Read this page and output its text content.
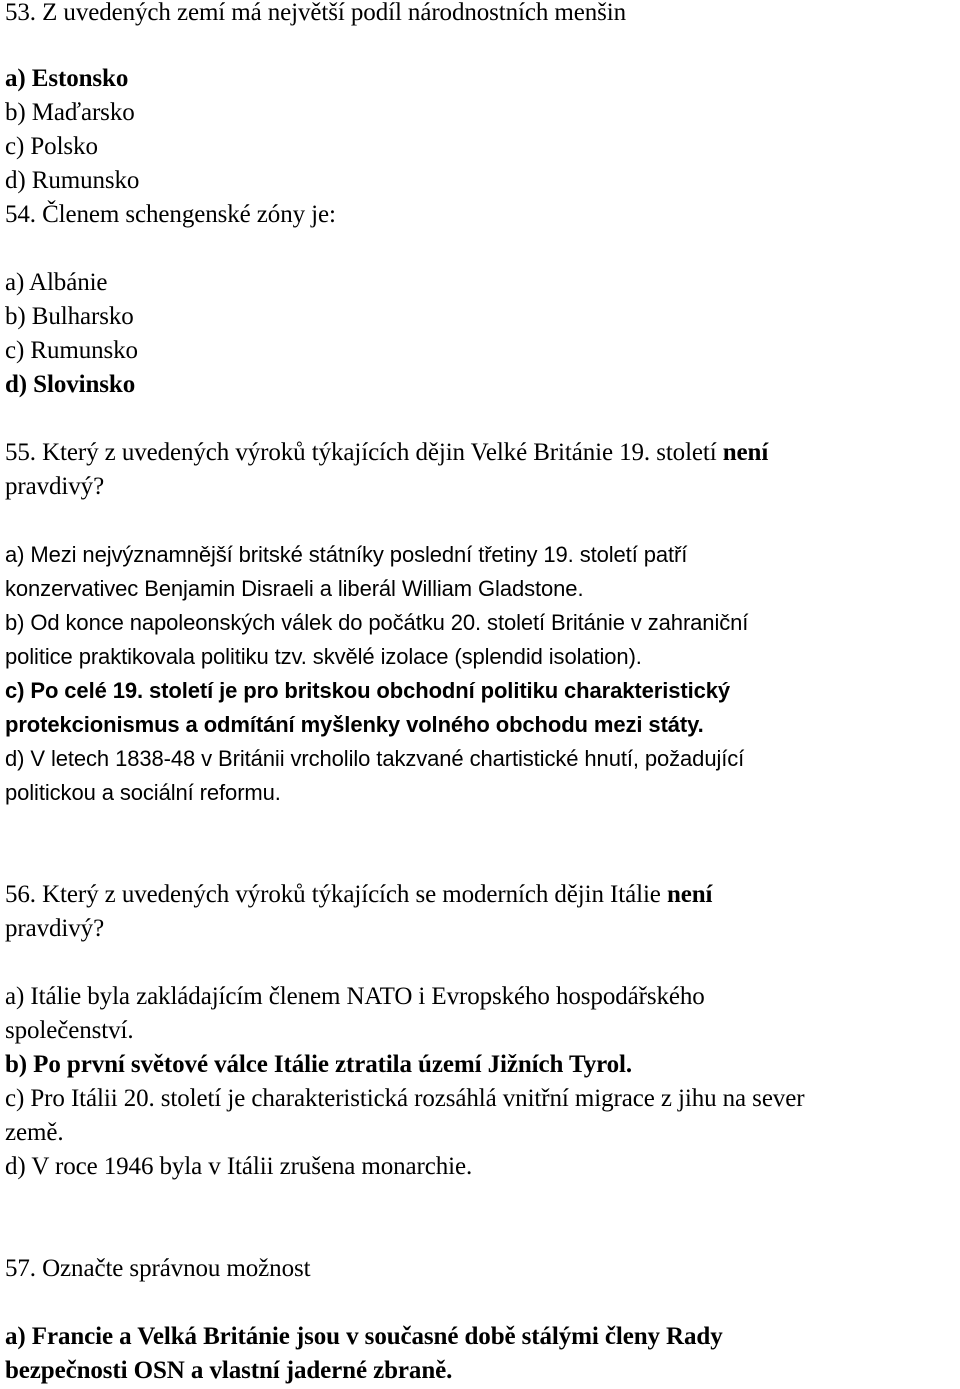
53. Z uvedených zemí má největší podíl národnostních menšin
a) Estonsko
b) Maďarsko
c) Polsko
d) Rumunsko
54. Členem schengenské zóny je:
a) Albánie
b) Bulharsko
c) Rumunsko
d) Slovinsko
55. Který z uvedených výroků týkajících dějin Velké Británie 19. století není
pravdivý?
a) Mezi nejvýznamnější britské státníky poslední třetiny 19. století patří
konzervativec Benjamin Disraeli a liberál William Gladstone.
b) Od konce napoleonských válek do počátku 20. století Británie v zahraniční
politice praktikovala politiku tzv. skvělé izolace (splendid isolation).
c) Po celé 19. století je pro britskou obchodní politiku charakteristický
protekcionismus a odmítání myšlenky volného obchodu mezi státy.
d) V letech 1838-48 v Británii vrcholilo takzvané chartistické hnutí, požadující
politickou a sociální reformu.
56. Který z uvedených výroků týkajících se moderních dějin Itálie není
pravdivý?
a) Itálie byla zakládajícím členem NATO i Evropského hospodářského
společenství.
b) Po první světové válce Itálie ztratila území Jižních Tyrol.
c) Pro Itálii 20. století je charakteristická rozsáhlá vnitřní migrace z jihu na sever
země.
d) V roce 1946 byla v Itálii zrušena monarchie.
57. Označte správnou možnost
a) Francie a Velká Británie jsou v současné době stálými členy Rady
bezpečnosti OSN a vlastní jaderné zbraně.
